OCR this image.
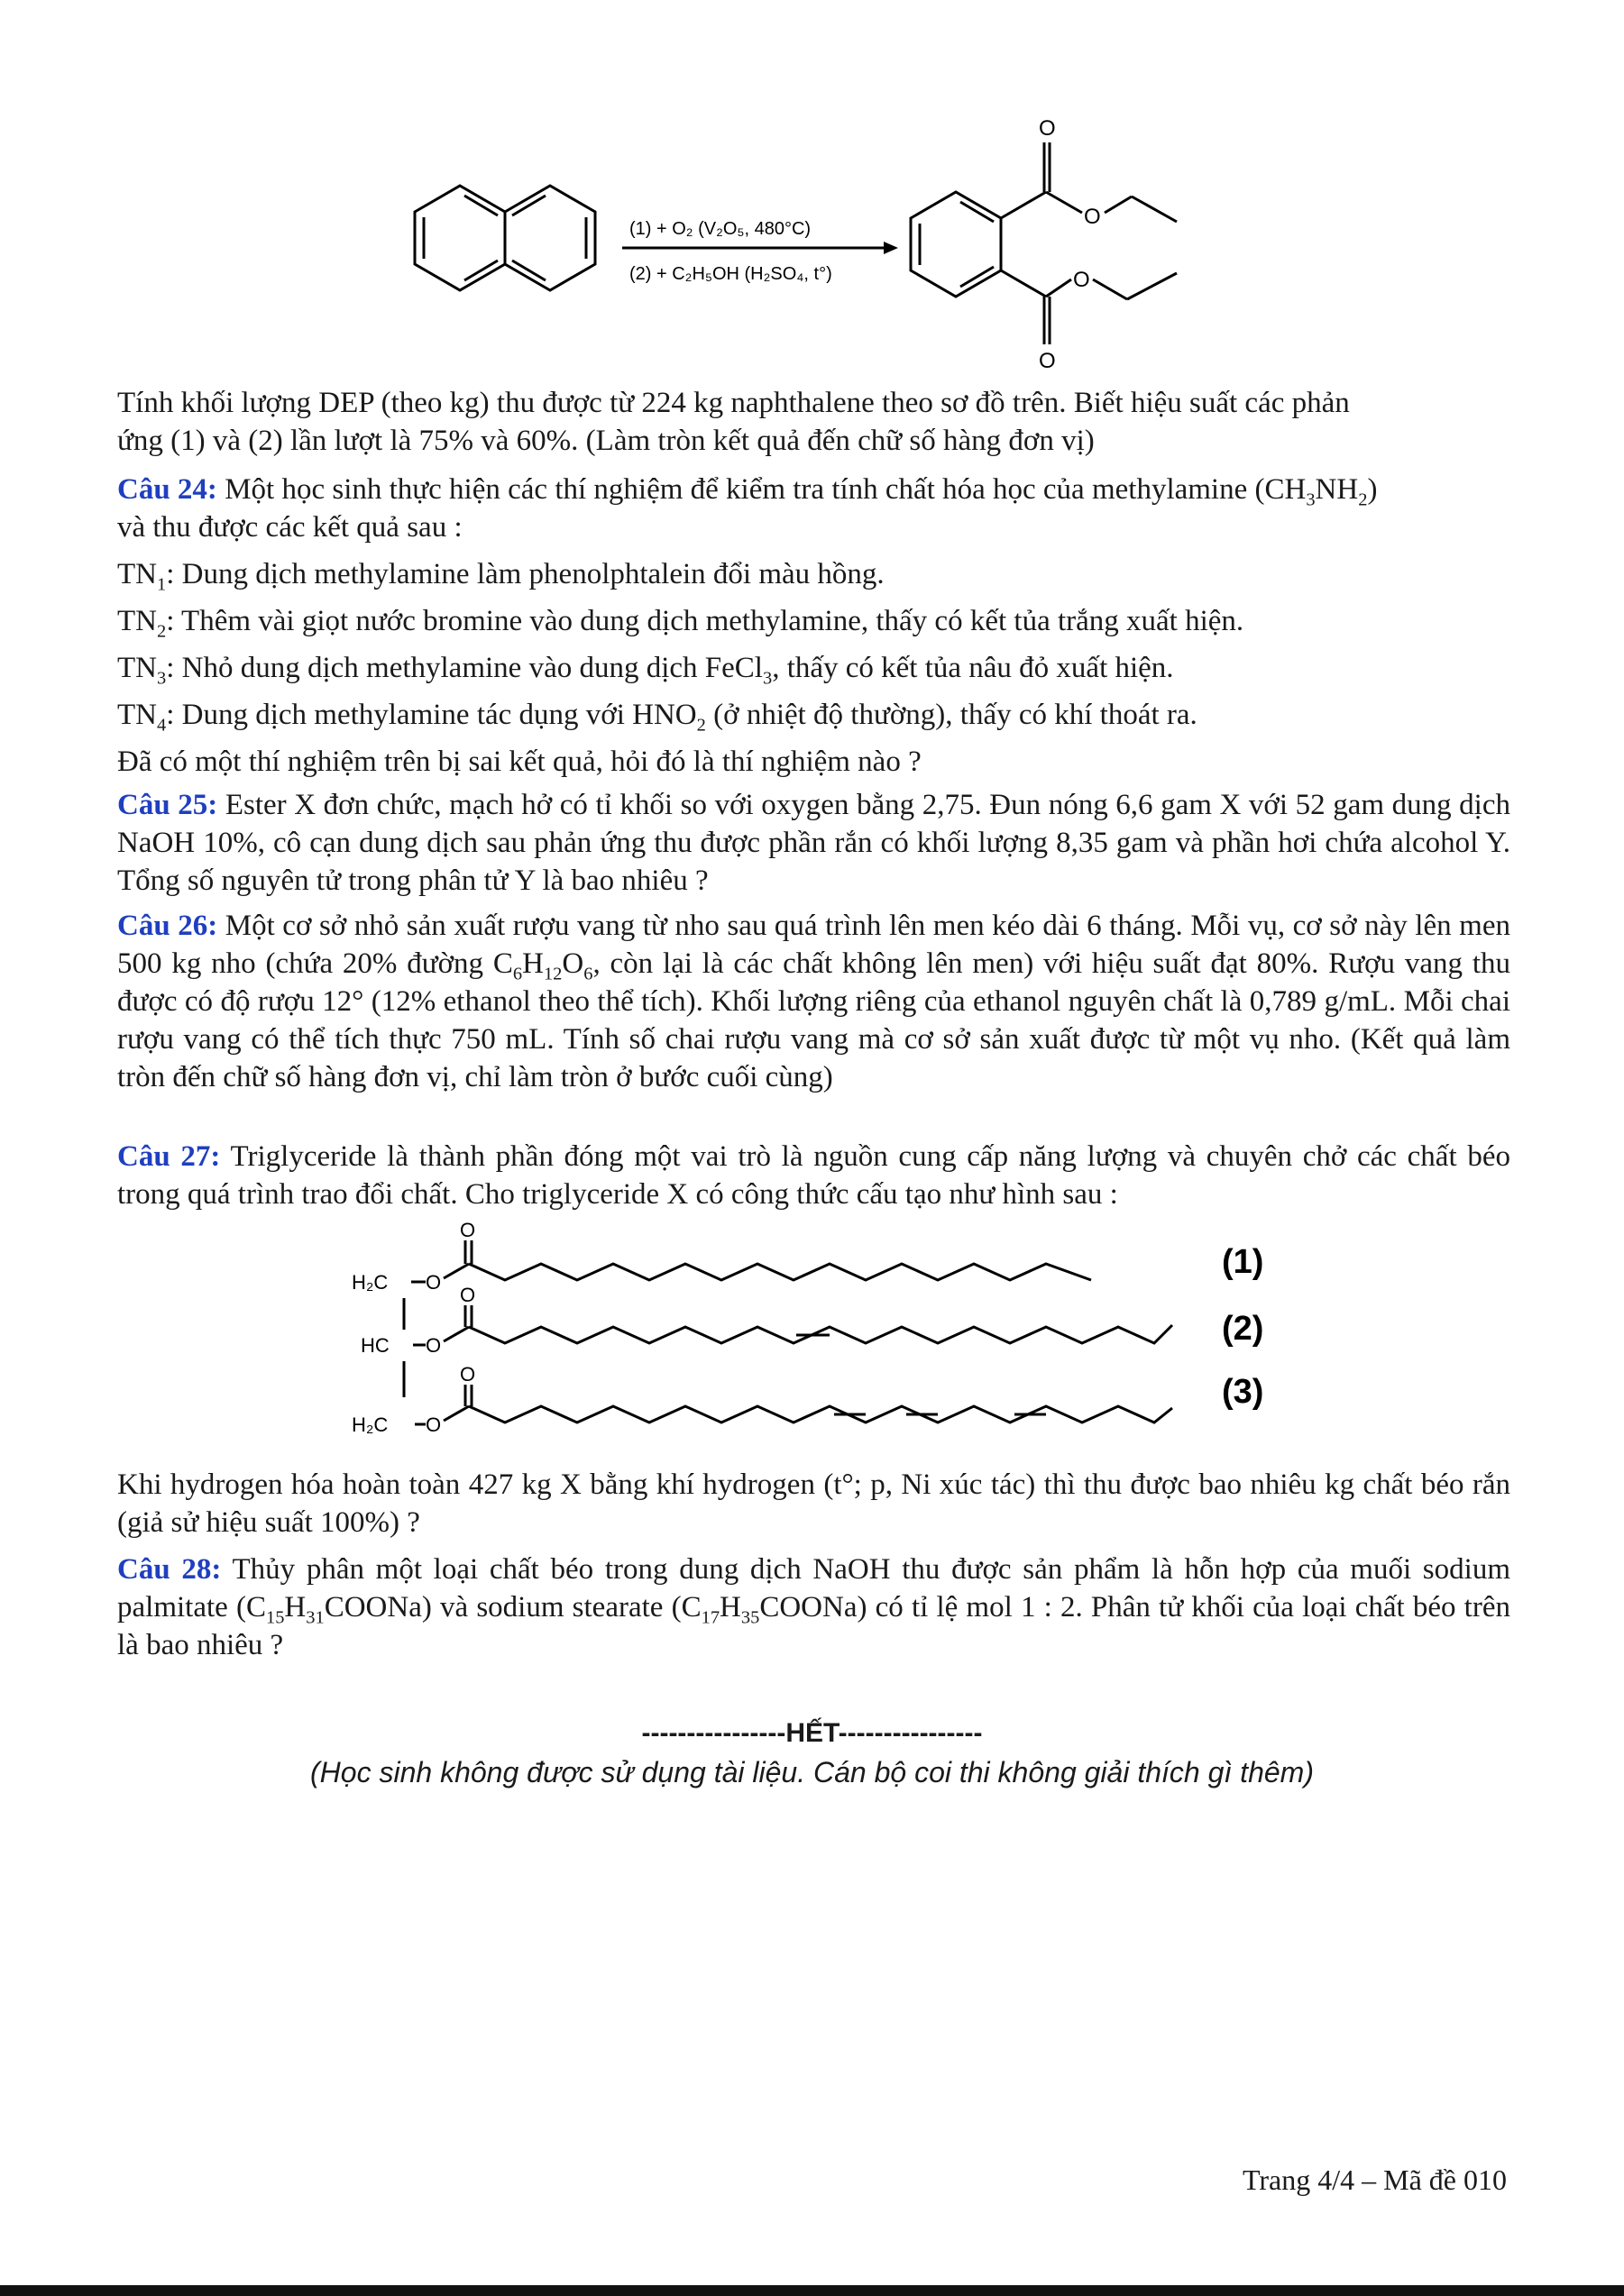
(1) + O₂ (V₂O₅, 480°C)
(2) + C₂H₅OH (H₂SO₄, t°)
O
O
O
O

Tính khối lượng DEP (theo kg) thu được từ 224 kg naphthalene theo sơ đồ trên. Biết hiệu suất các phản
ứng (1) và (2) lần lượt là 75% và 60%. (Làm tròn kết quả đến chữ số hàng đơn vị)

Câu 24: Một học sinh thực hiện các thí nghiệm để kiểm tra tính chất hóa học của methylamine $(CH_3NH_2)$
và thu được các kết quả sau :

$TN_1$: Dung dịch methylamine làm phenolphtalein đổi màu hồng.

$TN_2$: Thêm vài giọt nước bromine vào dung dịch methylamine, thấy có kết tủa trắng xuất hiện.

$TN_3$: Nhỏ dung dịch methylamine vào dung dịch FeCl$_3$, thấy có kết tủa nâu đỏ xuất hiện.

$TN_4$: Dung dịch methylamine tác dụng với $HNO_2$ (ở nhiệt độ thường), thấy có khí thoát ra.

Đã có một thí nghiệm trên bị sai kết quả, hỏi đó là thí nghiệm nào ?

Câu 25: Ester X đơn chức, mạch hở có tỉ khối so với oxygen bằng 2,75. Đun nóng 6,6 gam X với 52 gam dung dịch NaOH 10%, cô cạn dung dịch sau phản ứng thu được phần rắn có khối lượng 8,35 gam và phần hơi chứa alcohol Y. Tổng số nguyên tử trong phân tử Y là bao nhiêu ?

Câu 26: Một cơ sở nhỏ sản xuất rượu vang từ nho sau quá trình lên men kéo dài 6 tháng. Mỗi vụ, cơ sở này lên men 500 kg nho (chứa 20% đường $C_6H_{12}O_6$, còn lại là các chất không lên men) với hiệu suất đạt 80%. Rượu vang thu được có độ rượu 12° (12% ethanol theo thể tích). Khối lượng riêng của ethanol nguyên chất là 0,789 g/mL. Mỗi chai rượu vang có thể tích thực 750 mL. Tính số chai rượu vang mà cơ sở sản xuất được từ một vụ nho. (Kết quả làm tròn đến chữ số hàng đơn vị, chỉ làm tròn ở bước cuối cùng)

Câu 27: Triglyceride là thành phần đóng một vai trò là nguồn cung cấp năng lượng và chuyên chở các chất béo trong quá trình trao đổi chất. Cho triglyceride X có công thức cấu tạo như hình sau :

H₂C O
O
HC O
O
H₂C O
O
(1)
(2)
(3)

Khi hydrogen hóa hoàn toàn 427 kg X bằng khí hydrogen (t°; p, Ni xúc tác) thì thu được bao nhiêu kg chất béo rắn (giả sử hiệu suất 100%) ?

Câu 28: Thủy phân một loại chất béo trong dung dịch NaOH thu được sản phẩm là hỗn hợp của muối sodium palmitate $(C_{15}H_{31}COONa)$ và sodium stearate $(C_{17}H_{35}COONa)$ có tỉ lệ mol 1 : 2. Phân tử khối của loại chất béo trên là bao nhiêu ?

----------------HẾT----------------

(Học sinh không được sử dụng tài liệu. Cán bộ coi thi không giải thích gì thêm)

Trang 4/4 – Mã đề 010
